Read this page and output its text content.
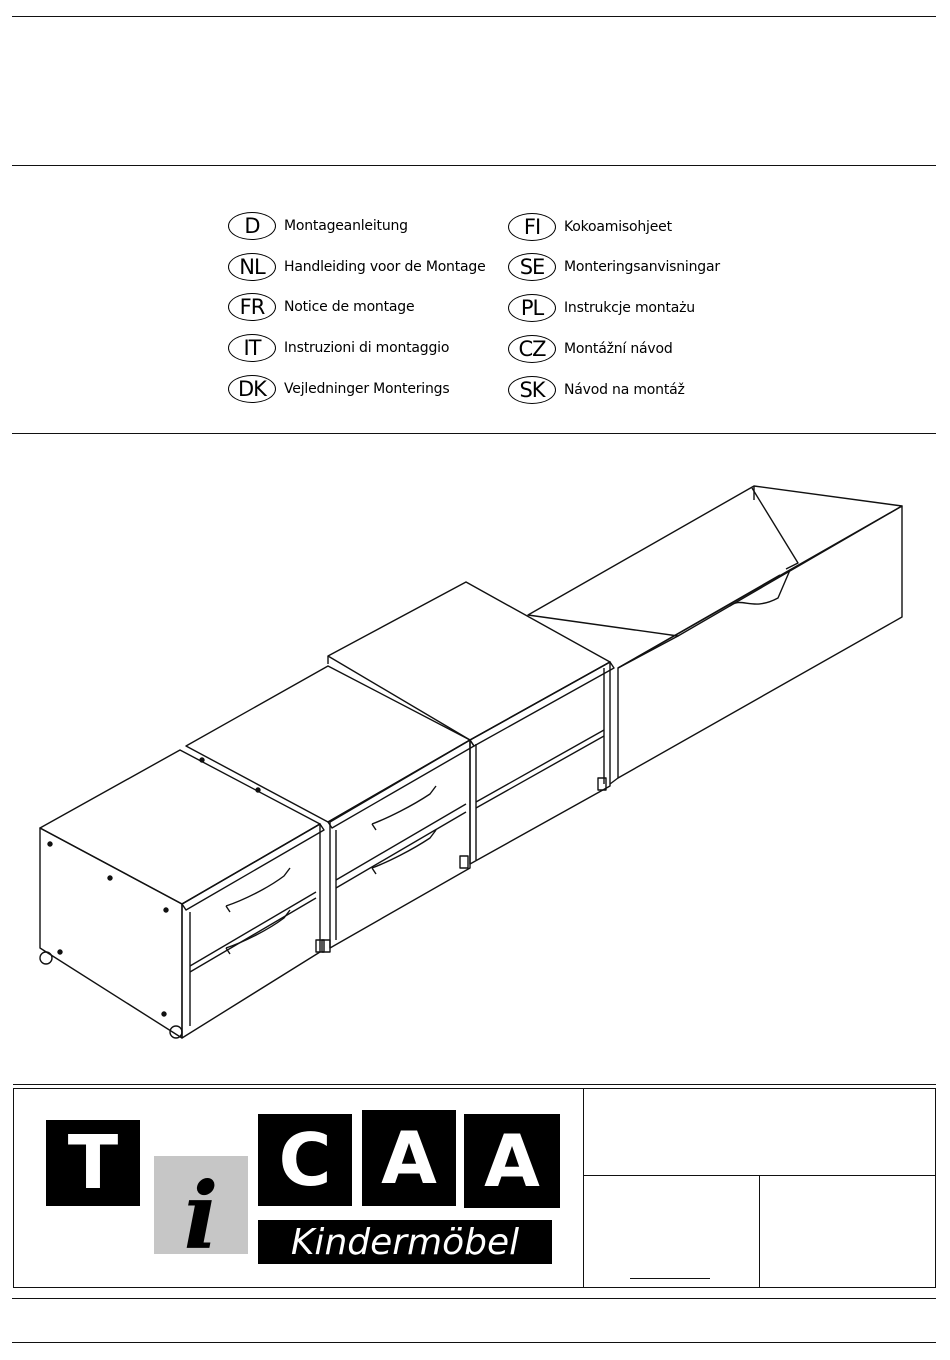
D	Montageanleitung
NL	Handleiding voor de Montage
FR	Notice de montage
IT	Instruzioni di montaggio
DK	Vejledninger Monterings
FI	Kokoamisohjeet
SE	Monteringsanvisningar
PL	Instrukcje montażu
CZ	Montážní návod
SK	Návod na montáž
T i
C A A
Kindermöbel
